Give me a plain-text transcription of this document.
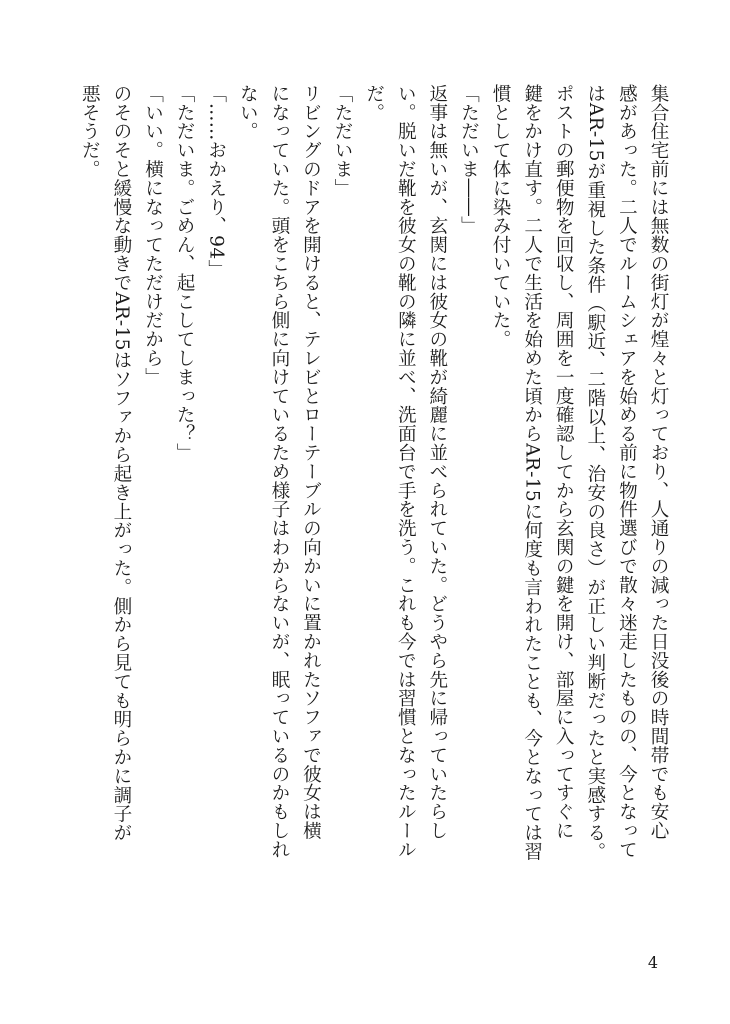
集合住宅前には無数の街灯が煌々と灯っており、人通りの減った日没後の時間帯でも安心
感があった。二人でルームシェアを始める前に物件選びで散々迷走したものの、今となって
はAR-15が重視した条件（駅近、二階以上、治安の良さ）が正しい判断だったと実感する。
ポストの郵便物を回収し、周囲を一度確認してから玄関の鍵を開け、部屋に入ってすぐに
鍵をかけ直す。二人で生活を始めた頃からAR-15に何度も言われたことも、今となっては習
慣として体に染み付いていた。
「ただいま――」
返事は無いが、玄関には彼女の靴が綺麗に並べられていた。どうやら先に帰っていたらし
い。脱いだ靴を彼女の靴の隣に並べ、洗面台で手を洗う。これも今では習慣となったルール
だ。
「ただいま」
リビングのドアを開けると、テレビとローテーブルの向かいに置かれたソファで彼女は横
になっていた。頭をこちら側に向けているため様子はわからないが、眠っているのかもしれ
ない。
「……おかえり、94」
「ただいま。ごめん、起こしてしまった？」
「いい。横になってただけだから」
のそのそと緩慢な動きでAR-15はソファから起き上がった。側から見ても明らかに調子が
悪そうだ。
4
